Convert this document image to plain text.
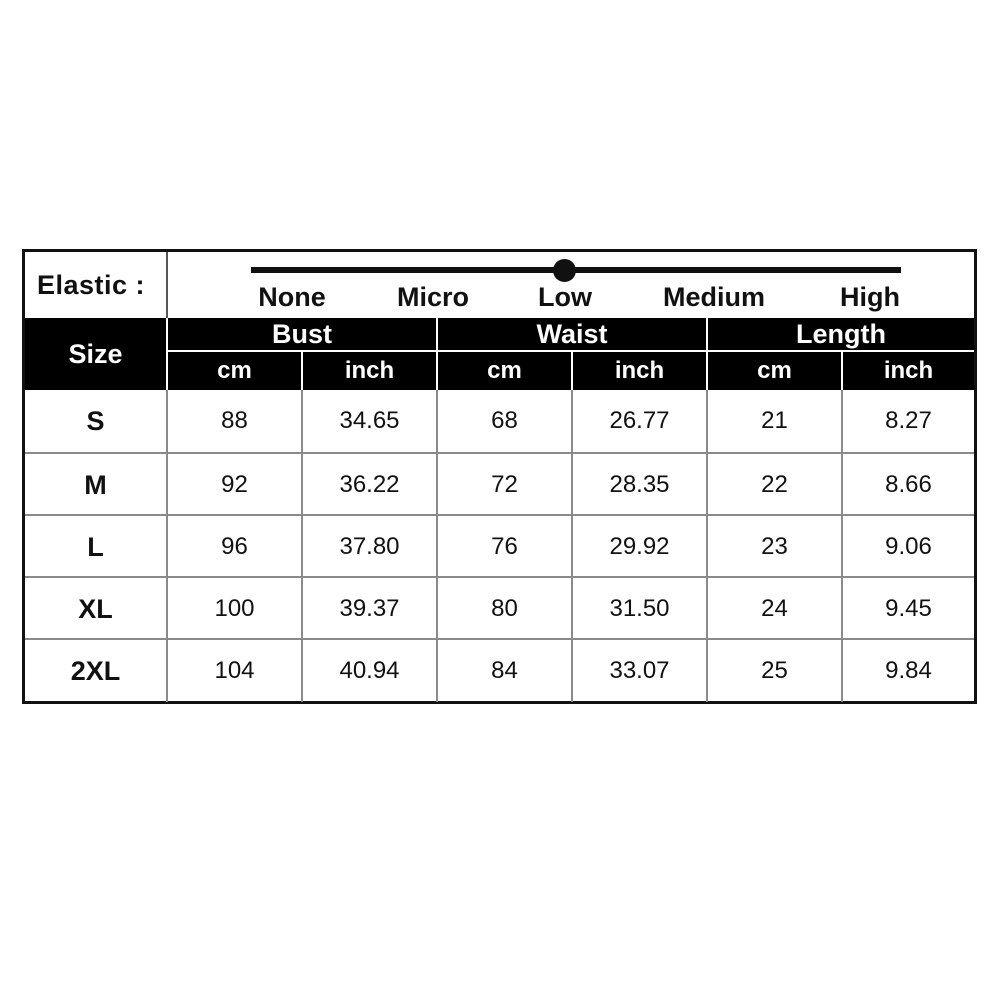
Elastic :	None	Micro	Low	Medium	High
Size
Bust	Waist	Length
cm	inch	cm	inch	cm	inch
S	88	34.65	68	26.77	21	8.27
M	92	36.22	72	28.35	22	8.66
L	96	37.80	76	29.92	23	9.06
XL	100	39.37	80	31.50	24	9.45
2XL	104	40.94	84	33.07	25	9.84
